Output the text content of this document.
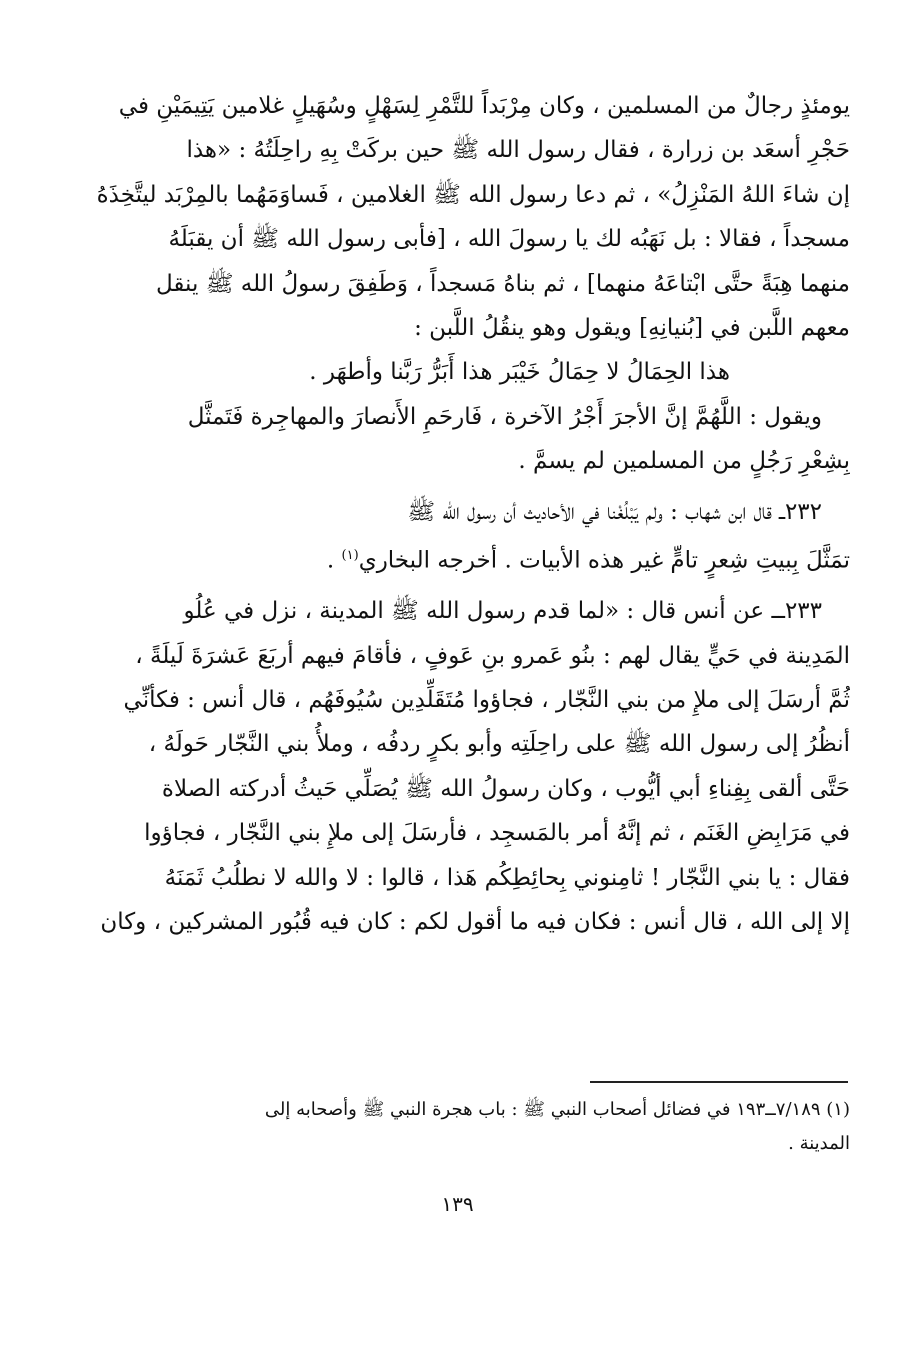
يومئذٍ رجالٌ من المسلمين ، وكان مِرْبَداً للتَّمْرِ لِسَهْلٍ وسُهَيلٍ غلامين يَتِيمَيْنِ في
حَجْرِ أسعَد بن زرارة ، فقال رسول الله ﷺ حين بركَتْ بِهِ راحِلَتُهُ : «هذا
إن شاءَ اللهُ المَنْزِلُ» ، ثم دعا رسول الله ﷺ الغلامين ، فَساوَمَهُما بالمِرْبَد ليتَّخِذَهُ
مسجداً ، فقالا : بل نَهَبُه لك يا رسولَ الله ، [فأبى رسول الله ﷺ أن يقبَلَهُ
منهما هِبَةً حتَّى ابْتاعَهُ منهما] ، ثم بناهُ مَسجداً ، وَطَفِقَ رسولُ الله ﷺ ينقل
معهم اللَّبن في [بُنيانِهِ] ويقول وهو ينقُلُ اللَّبن :
هذا الحِمَالُ لا حِمَالُ خَيْبَر هذا أَبَرُّ رَبَّنا وأطهَر .
ويقول : اللَّهُمَّ إنَّ الأجرَ أَجْرُ الآخرة ، فَارحَمِ الأَنصارَ والمهاجِرة فَتَمثَّل
بِشِعْرِ رَجُلٍ من المسلمين لم يسمَّ .
٢٣٢ــ قال ابن شهاب : ولم يَبْلُغْنا في الأحاديث أن رسول الله ﷺ
تمَثَّلَ بِبيتِ شِعرٍ تامٍّ غير هذه الأبيات . أخرجه البخاري$^{(١)}$ .
٢٣٣ــ عن أنس قال : «لما قدم رسول الله ﷺ المدينة ، نزل في عُلُو
المَدِينة في حَيٍّ يقال لهم : بنُو عَمرو بنِ عَوفٍ ، فأقامَ فيهم أربَعَ عَشرَةَ لَيلَةً ،
ثُمَّ أرسَلَ إلى ملإِ من بني النَّجّار ، فجاؤوا مُتَقَلِّدِين سُيُوفَهُم ، قال أنس : فكأنِّي
أنظُرُ إلى رسول الله ﷺ على راحِلَتِه وأبو بكرٍ ردفُه ، وملأُ بني النَّجّار حَولَهُ ،
حَتَّى ألقى بِفِناءِ أبي أيُّوب ، وكان رسولُ الله ﷺ يُصَلِّي حَيثُ أدركته الصلاة
في مَرَابِضِ الغَنَم ، ثم إنَّهُ أمر بالمَسجِد ، فأرسَلَ إلى ملإِ بني النَّجّار ، فجاؤوا
فقال : يا بني النَّجّار ! ثامِنوني بِحائِطِكُم هَذا ، قالوا : لا والله لا نطلُبُ ثَمَنَهُ
إلا إلى الله ، قال أنس : فكان فيه ما أقول لكم : كان فيه قُبُور المشركين ، وكان
(١) ٧/١٨٩ــ١٩٣ في فضائل أصحاب النبي ﷺ : باب هجرة النبي ﷺ وأصحابه إلى
المدينة .
١٣٩
